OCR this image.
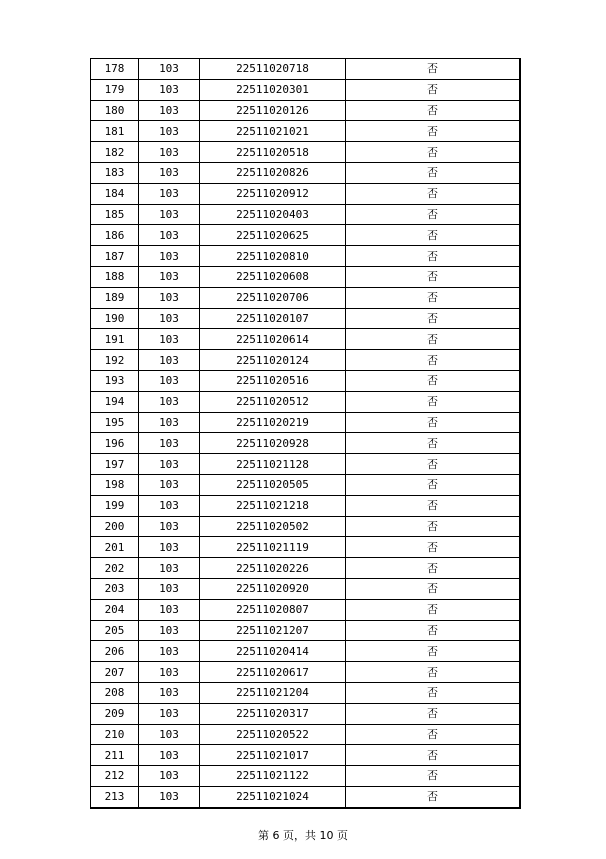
178	103	22511020718	否
179	103	22511020301	否
180	103	22511020126	否
181	103	22511021021	否
182	103	22511020518	否
183	103	22511020826	否
184	103	22511020912	否
185	103	22511020403	否
186	103	22511020625	否
187	103	22511020810	否
188	103	22511020608	否
189	103	22511020706	否
190	103	22511020107	否
191	103	22511020614	否
192	103	22511020124	否
193	103	22511020516	否
194	103	22511020512	否
195	103	22511020219	否
196	103	22511020928	否
197	103	22511021128	否
198	103	22511020505	否
199	103	22511021218	否
200	103	22511020502	否
201	103	22511021119	否
202	103	22511020226	否
203	103	22511020920	否
204	103	22511020807	否
205	103	22511021207	否
206	103	22511020414	否
207	103	22511020617	否
208	103	22511021204	否
209	103	22511020317	否
210	103	22511020522	否
211	103	22511021017	否
212	103	22511021122	否
213	103	22511021024	否
第 6 页，共 10 页
